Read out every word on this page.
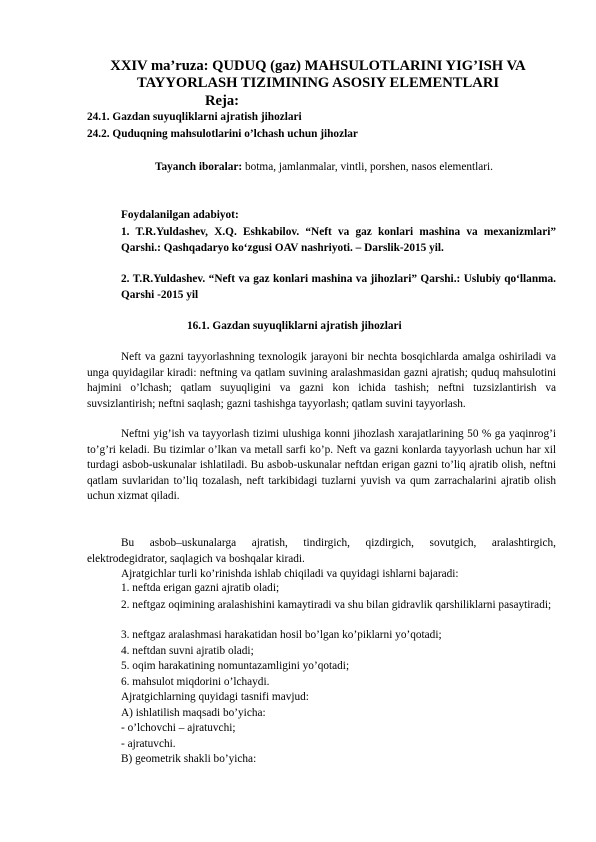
XXIV ma’ruza: QUDUQ (gaz) MAHSULOTLARINI YIG’ISH VA TAYYORLASH TIZIMINING ASOSIY ELEMENTLARI
Reja:
24.1. Gazdan suyuqliklarni ajratish jihozlari
24.2. Quduqning mahsulotlarini o’lchash uchun jihozlar
Tayanch iboralar: botma, jamlanmalar, vintli, porshen, nasos elementlari.
Foydalanilgan adabiyot:
1. T.R.Yuldashev, X.Q. Eshkabilov. “Neft va gaz konlari mashina va mexanizmlari” Qarshi.: Qashqadaryo ko‘zgusi OAV nashriyoti. – Darslik-2015 yil.
2. T.R.Yuldashev. “Neft va gaz konlari mashina va jihozlari” Qarshi.: Uslubiy qo‘llanma. Qarshi -2015 yil
16.1. Gazdan suyuqliklarni ajratish jihozlari
Neft va gazni tayyorlashning texnologik jarayoni bir nechta bosqichlarda amalga oshiriladi va unga quyidagilar kiradi: neftning va qatlam suvining aralashmasidan gazni ajratish; quduq mahsulotini hajmini o’lchash; qatlam suyuqligini va gazni kon ichida tashish; neftni tuzsizlantirish va suvsizlantirish; neftni saqlash; gazni tashishga tayyorlash; qatlam suvini tayyorlash.
Neftni yig’ish va tayyorlash tizimi ulushiga konni jihozlash xarajatlarining 50 % ga yaqinrog’i to’g’ri keladi. Bu tizimlar o’lkan va metall sarfi ko’p. Neft va gazni konlarda tayyorlash uchun har xil turdagi asbob-uskunalar ishlatiladi. Bu asbob-uskunalar neftdan erigan gazni to’liq ajratib olish, neftni qatlam suvlaridan to’liq tozalash, neft tarkibidagi tuzlarni yuvish va qum zarrachalarini ajratib olish uchun xizmat qiladi.
Bu asbob–uskunalarga ajratish, tindirgich, qizdirgich, sovutgich, aralashtirgich, elektrodegidrator, saqlagich va boshqalar kiradi.
Ajratgichlar turli ko’rinishda ishlab chiqiladi va quyidagi ishlarni bajaradi:
1. neftda erigan gazni ajratib oladi;
2. neftgaz oqimining aralashishini kamaytiradi va shu bilan gidravlik qarshiliklarni pasaytiradi;
3. neftgaz aralashmasi harakatidan hosil bo’lgan ko’piklarni yo’qotadi;
4. neftdan suvni ajratib oladi;
5. oqim harakatining nomuntazamligini yo’qotadi;
6. mahsulot miqdorini o’lchaydi.
Ajratgichlarning quyidagi tasnifi mavjud:
A) ishlatilish maqsadi bo’yicha:
- o’lchovchi – ajratuvchi;
- ajratuvchi.
B) geometrik shakli bo’yicha:
